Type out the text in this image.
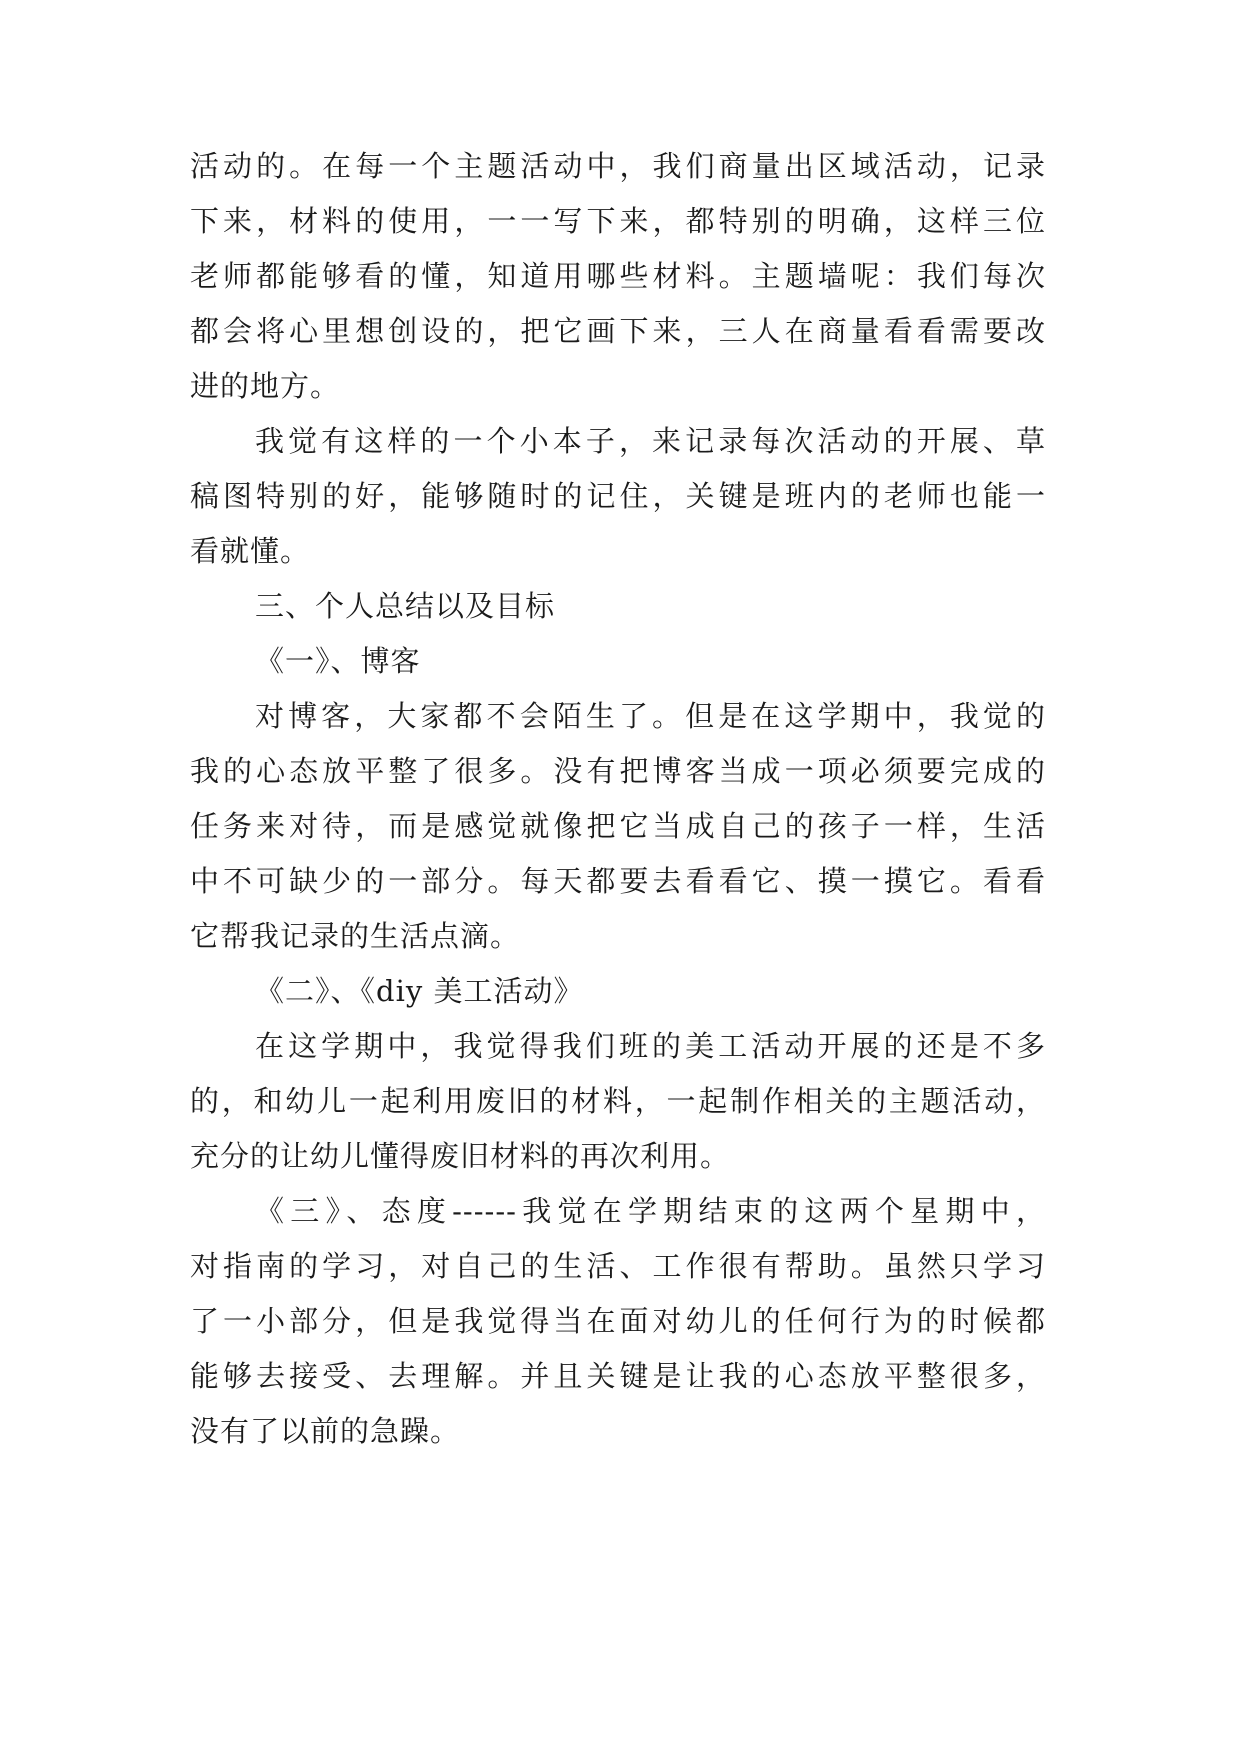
活动的。在每一个主题活动中，我们商量出区域活动，记录
下来，材料的使用，一一写下来，都特别的明确，这样三位
老师都能够看的懂，知道用哪些材料。主题墙呢：我们每次
都会将心里想创设的，把它画下来，三人在商量看看需要改
进的地方。
我觉有这样的一个小本子，来记录每次活动的开展、草
稿图特别的好，能够随时的记住，关键是班内的老师也能一
看就懂。
三、个人总结以及目标
《一》、博客
对博客，大家都不会陌生了。但是在这学期中，我觉的
我的心态放平整了很多。没有把博客当成一项必须要完成的
任务来对待，而是感觉就像把它当成自己的孩子一样，生活
中不可缺少的一部分。每天都要去看看它、摸一摸它。看看
它帮我记录的生活点滴。
《二》、《diy 美工活动》
在这学期中，我觉得我们班的美工活动开展的还是不多
的，和幼儿一起利用废旧的材料，一起制作相关的主题活动，
充分的让幼儿懂得废旧材料的再次利用。
《三》、态度------我觉在学期结束的这两个星期中，
对指南的学习，对自己的生活、工作很有帮助。虽然只学习
了一小部分，但是我觉得当在面对幼儿的任何行为的时候都
能够去接受、去理解。并且关键是让我的心态放平整很多，
没有了以前的急躁。
